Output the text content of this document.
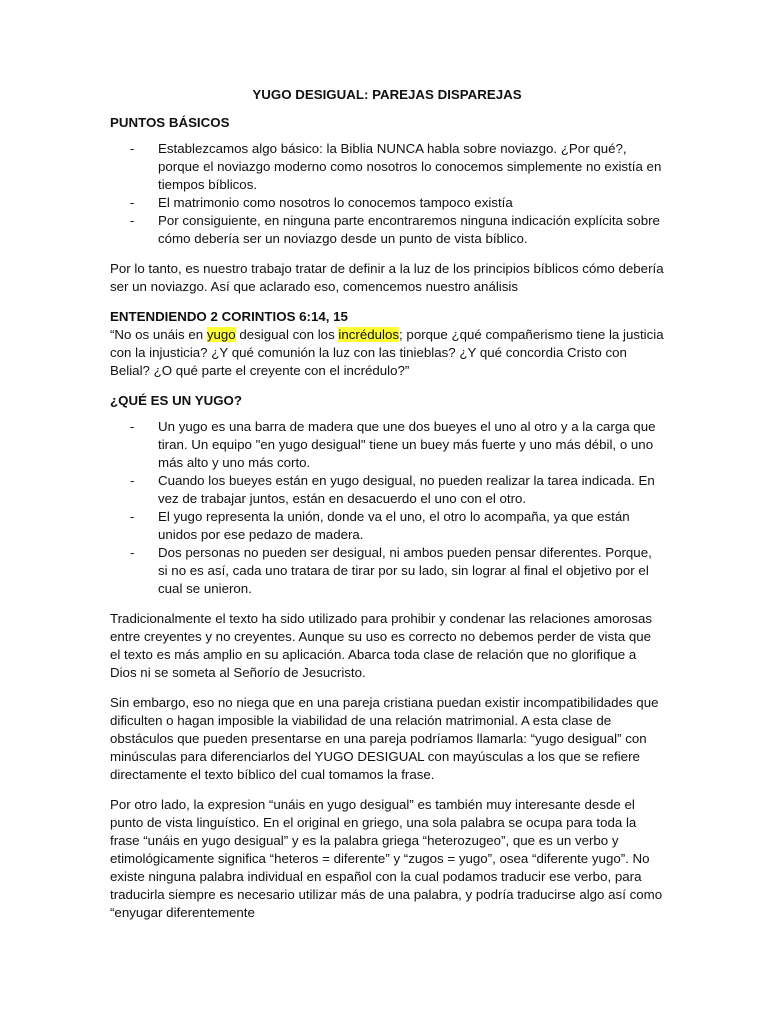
YUGO DESIGUAL: PAREJAS DISPAREJAS
PUNTOS BÁSICOS
- Establezcamos algo básico: la Biblia NUNCA habla sobre noviazgo. ¿Por qué?, porque el noviazgo moderno como nosotros lo conocemos simplemente no existía en tiempos bíblicos.
- El matrimonio como nosotros lo conocemos tampoco existía
- Por consiguiente, en ninguna parte encontraremos ninguna indicación explícita sobre cómo debería ser un noviazgo desde un punto de vista bíblico.

Por lo tanto, es nuestro trabajo tratar de definir a la luz de los principios bíblicos cómo debería ser un noviazgo. Así que aclarado eso, comencemos nuestro análisis

ENTENDIENDO 2 CORINTIOS 6:14, 15

“No os unáis en yugo desigual con los incrédulos; porque ¿qué compañerismo tiene la justicia con la injusticia? ¿Y qué comunión la luz con las tinieblas? ¿Y qué concordia Cristo con Belial? ¿O qué parte el creyente con el incrédulo?”

¿QUÉ ES UN YUGO?
- Un yugo es una barra de madera que une dos bueyes el uno al otro y a la carga que tiran. Un equipo "en yugo desigual" tiene un buey más fuerte y uno más débil, o uno más alto y uno más corto.
- Cuando los bueyes están en yugo desigual, no pueden realizar la tarea indicada. En vez de trabajar juntos, están en desacuerdo el uno con el otro.
- El yugo representa la unión, donde va el uno, el otro lo acompaña, ya que están unidos por ese pedazo de madera.
- Dos personas no pueden ser desigual, ni ambos pueden pensar diferentes. Porque, si no es así, cada uno tratara de tirar por su lado, sin lograr al final el objetivo por el cual se unieron.

Tradicionalmente el texto ha sido utilizado para prohibir y condenar las relaciones amorosas entre creyentes y no creyentes. Aunque su uso es correcto no debemos perder de vista que el texto es más amplio en su aplicación. Abarca toda clase de relación que no glorifique a Dios ni se someta al Señorío de Jesucristo.

Sin embargo, eso no niega que en una pareja cristiana puedan existir incompatibilidades que dificulten o hagan imposible la viabilidad de una relación matrimonial. A esta clase de obstáculos que pueden presentarse en una pareja podríamos llamarla: “yugo desigual” con minúsculas para diferenciarlos del YUGO DESIGUAL con mayúsculas a los que se refiere directamente el texto bíblico del cual tomamos la frase.

Por otro lado, la expresion “unáis en yugo desigual” es también muy interesante desde el punto de vista linguístico. En el original en griego, una sola palabra se ocupa para toda la frase “unáis en yugo desigual” y es la palabra griega “heterozugeo”, que es un verbo y etimológicamente significa “heteros = diferente” y “zugos = yugo”, osea “diferente yugo”. No existe ninguna palabra individual en español con la cual podamos traducir ese verbo, para traducirla siempre es necesario utilizar más de una palabra, y podría traducirse algo así como “enyugar diferentemente
